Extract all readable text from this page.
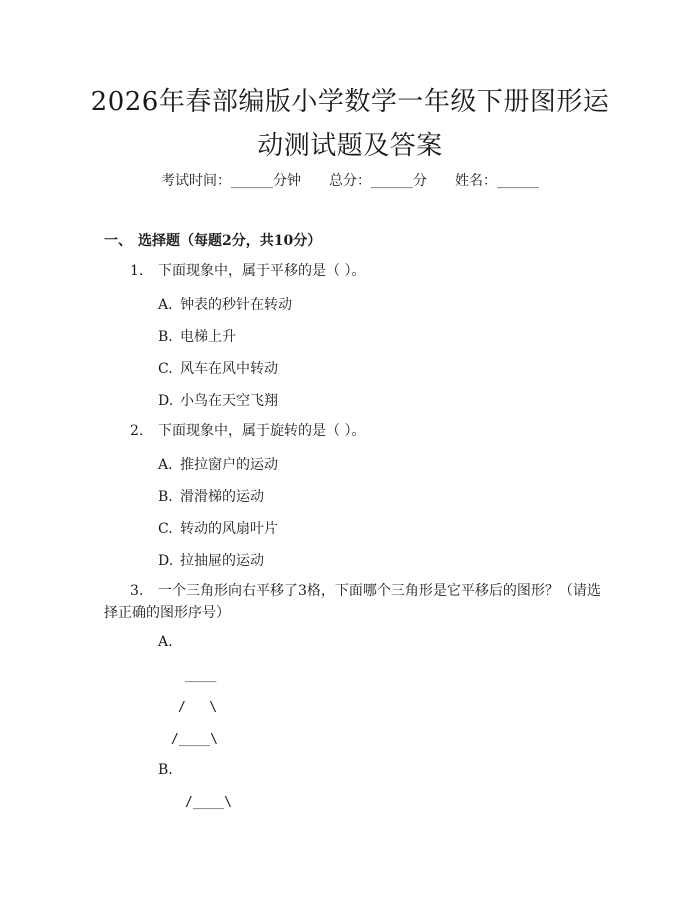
2026年春部编版小学数学一年级下册图形运
动测试题及答案
考试时间：______分钟 总分：______分 姓名：______
一、 选择题（每题2分，共10分）
1. 下面现象中，属于平移的是（ ）。
A. 钟表的秒针在转动
B. 电梯上升
C. 风车在风中转动
D. 小鸟在天空飞翔
2. 下面现象中，属于旋转的是（ ）。
A. 推拉窗户的运动
B. 滑滑梯的运动
C. 转动的风扇叶片
D. 拉抽屉的运动
3. 一个三角形向右平移了3格，下面哪个三角形是它平移后的图形？（请选
择正确的图形序号）
A.
____
/   \
/____\
B.
/____\
